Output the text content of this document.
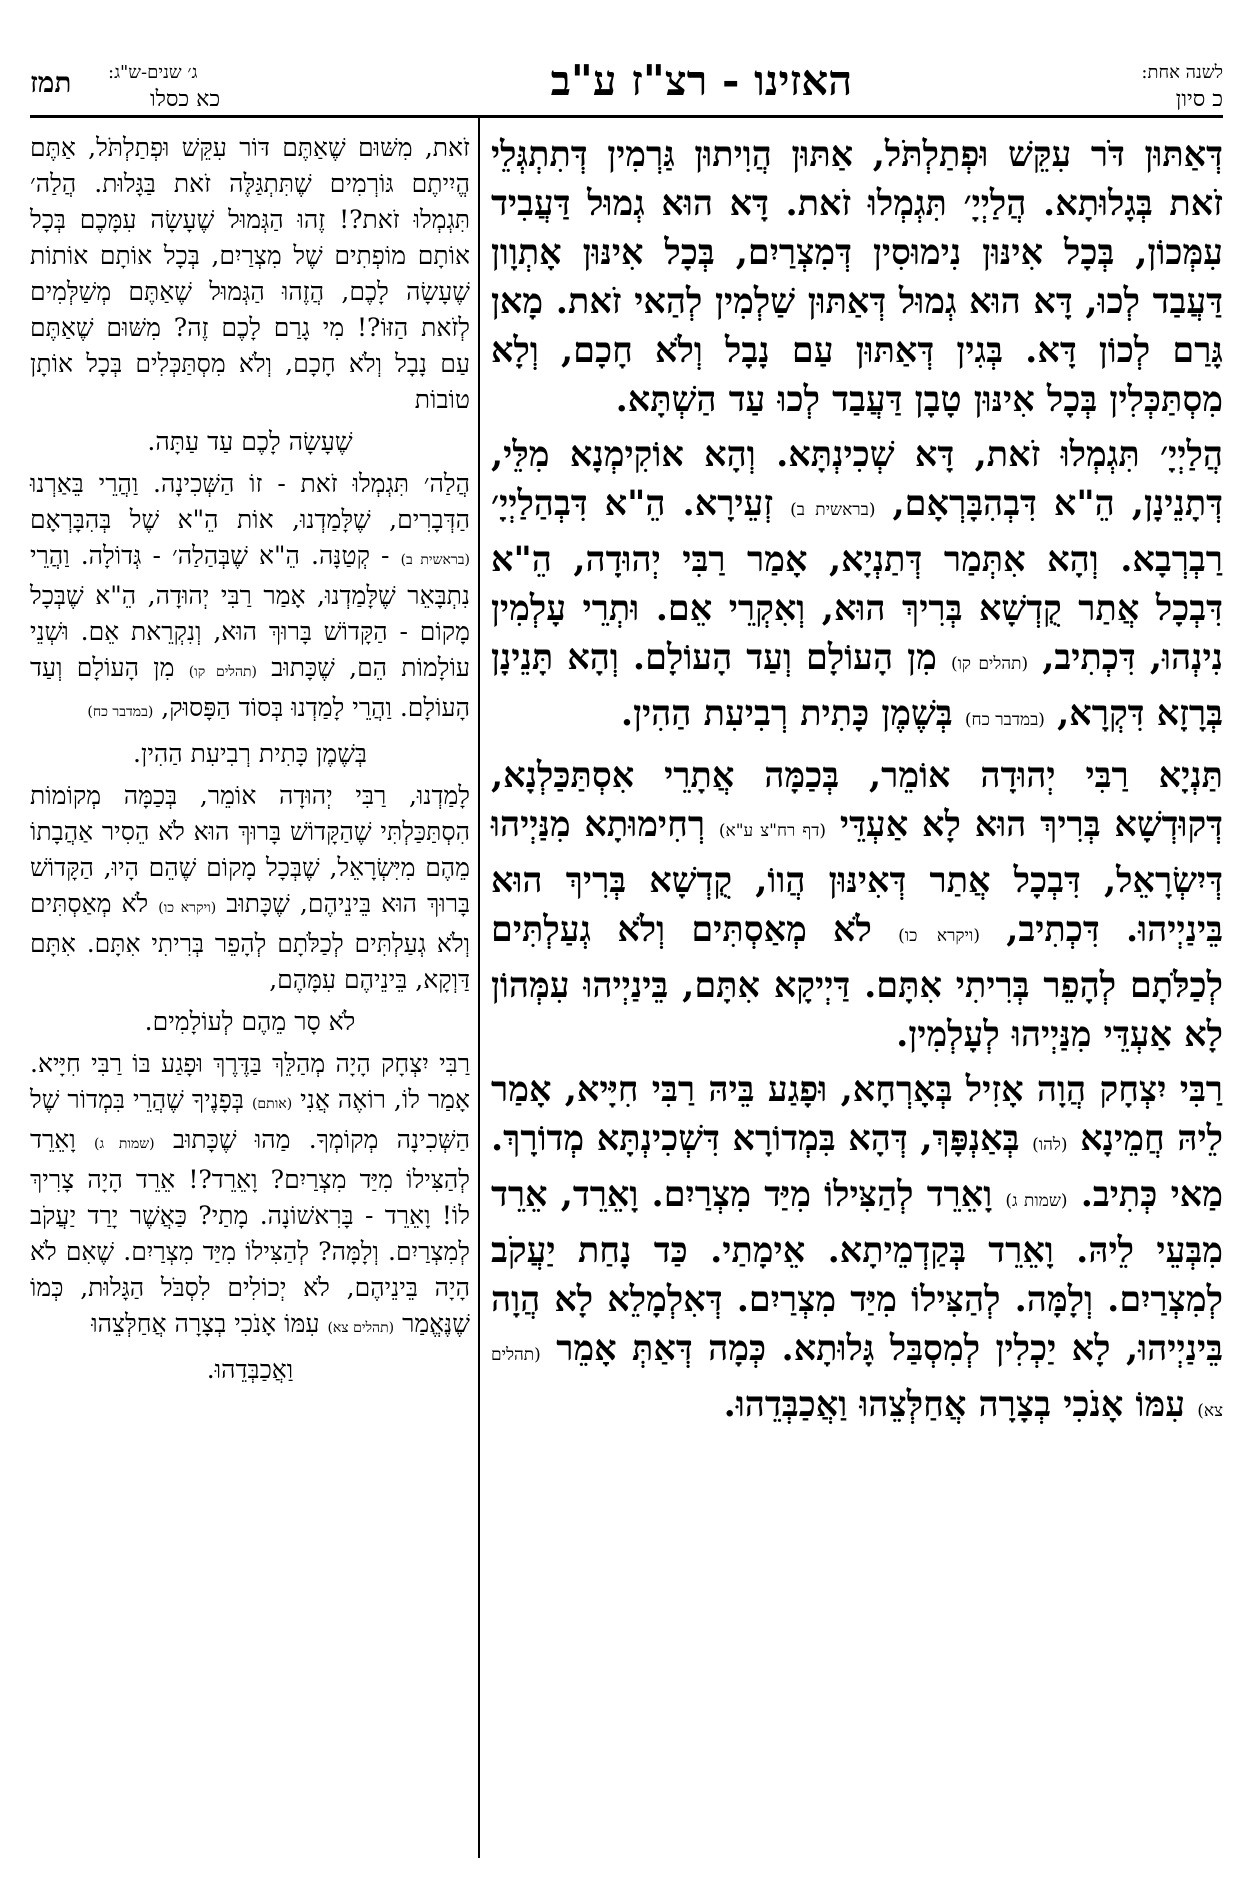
לשנה אחת:
כ סיון
האזינו - רצ"ז ע"ב
ג׳ שנים-ש"ג:
כא כסלו
תמז

דְּאַתּוּן דֹּר עִקֵּשׁ וּפְתַלְתֹּל, אַתּוּן הֲוִיתוּן גַּרְמִין דְּתִתְגְּלֵי זֹאת בְּגָלוּתָא. הֲלַיְיָ׳ תִּגְמְלוּ זֹאת. דָּא הוּא גְמוּל דַּעֲבִיד עִמְּכוֹן, בְּכָל אִינּוּן נִימוּסִין דְּמִצְרַיִם, בְּכָל אִינּוּן אָתְוָון דַּעֲבַד לְכוּ, דָּא הוּא גְמוּל דְּאַתּוּן שַׁלְמִין לְהַאי זֹאת. מָאן גָּרַם לְכוֹן דָּא. בְּגִין דְּאַתּוּן עַם נָבָל וְלֹא חָכָם, וְלָא מִסְתַּכְּלִין בְּכָל אִינּוּן טָבָן דַּעֲבַד לְכוּ עַד הַשְׁתָּא.

הֲלַיְיָ׳ תִּגְמְלוּ זֹאת, דָּא שְׁכִינְתָּא. וְהָא אוֹקִימְנָא מִלֵּי, דְּתָנֵינָן, הֵ"א דִּבְהִבָּרְאָם, (בראשית ב) זְעֵירָא. הֵ"א דִּבְהַלַיְיָ׳ רַבְרְבָא. וְהָא אִתְּמַר דְּתַנְיָא, אָמַר רַבִּי יְהוּדָה, הֵ"א דִּבְכָל אֲתַר קֻדְשָׁא בְּרִיךְ הוּא, וְאִקְרֵי אֵם. וּתְרֵי עָלְמִין נִינְהוּ, דִּכְתִיב, (תהלים קו) מִן הָעוֹלָם וְעַד הָעוֹלָם. וְהָא תָּנֵינָן בְּרָזָא דִּקְרָא, (במדבר כח) בְּשֶׁמֶן כָּתִית רְבִיעִת הַהִין.

תַּנְיָא רַבִּי יְהוּדָה אוֹמֵר, בְּכַמָּה אֲתָרֵי אִסְתַּכַּלְנָא, דְּקוּדְשָׁא בְּרִיךְ הוּא לָא אַעְדֵּי (דף רח"צ ע"א) רְחִימוּתָא מִנַּיְיהוּ דְּיִשְׂרָאֵל, דִּבְכָל אֲתַר דְּאִינּוּן הֲווֹ, קֻדְשָׁא בְּרִיךְ הוּא בֵּינַיְיהוּ. דִּכְתִיב, (ויקרא כו) לֹא מְאַסְתִּים וְלֹא גְעַלְתִּים לְכַלֹּתָם לְהָפֵר בְּרִיתִי אִתָּם. דַּיְיקָא אִתָּם, בֵּינַיְיהוּ עִמְּהוֹן לָא אַעְדֵּי מִנַּיְיהוּ לְעָלְמִין.

רַבִּי יִצְחָק הֲוָה אָזִיל בְּאָרְחָא, וּפָגַע בֵּיהּ רַבִּי חִיָּיא, אָמַר לֵיהּ חֲמֵינָא (להו) בְּאַנְפָּךְ, דְּהָא בִּמְדוֹרָא דִּשְׁכִינְתָּא מְדוֹרָךְ. מַאי כְּתִיב. (שמות ג) וָאֵרֵד לְהַצִּילוֹ מִיַּד מִצְרַיִם. וָאֵרֵד, אֵרֵד מִבְּעֵי לֵיהּ. וָאֵרֵד בְּקַדְמֵיתָא. אֵימָתַי. כַּד נָחַת יַעֲקֹב לְמִצְרַיִם. וְלָמָּה. לְהַצִּילוֹ מִיַּד מִצְרַיִם. דְּאִלְמָלֵא לָא הֲוָה בֵּינַיְיהוּ, לָא יַכְלִין לְמִסְבַּל גָּלוּתָא. כְּמָה דְּאַתְּ אָמֵר (תהלים צא) עִמּוֹ אָנֹכִי בְצָרָה אֲחַלְּצֵהוּ וַאֲכַבְּדֵהוּ.

זֹאת, מִשּׁוּם שֶׁאַתֶּם דּוֹר עִקֵּשׁ וּפְתַלְתֹּל, אַתֶּם הֱיִיתֶם גּוֹרְמִים שֶׁתִּתְגַּלֶּה זֹאת בַּגָּלוּת. הֲלַה׳ תִּגְמְלוּ זֹאת?! זֶהוּ הַגְּמוּל שֶׁעָשָׂה עִמָּכֶם בְּכָל אוֹתָם מוֹפְתִים שֶׁל מִצְרַיִם, בְּכָל אוֹתָם אוֹתוֹת שֶׁעָשָׂה לָכֶם, הֲזֶהוּ הַגְּמוּל שֶׁאַתֶּם מְשַׁלְּמִים לְזֹאת הַזּוֹ?! מִי גָרַם לָכֶם זֶה? מִשּׁוּם שֶׁאַתֶּם עַם נָבָל וְלֹא חָכָם, וְלֹא מִסְתַּכְּלִים בְּכָל אוֹתָן טוֹבוֹת

שֶׁעָשָׂה לָכֶם עַד עַתָּה.

הֲלַה׳ תִּגְמְלוּ זֹאת - זוֹ הַשְּׁכִינָה. וַהֲרֵי בֵּאַרְנוּ הַדְּבָרִים, שֶׁלָּמַדְנוּ, אוֹת הֵ"א שֶׁל בְּהִבָּרְאָם (בראשית ב) - קְטַנָּה. הֵ"א שֶׁבְּהַלַה׳ - גְּדוֹלָה. וַהֲרֵי נִתְבָּאֵר שֶׁלָּמַדְנוּ, אָמַר רַבִּי יְהוּדָה, הֵ"א שֶׁבְּכָל מָקוֹם - הַקָּדוֹשׁ בָּרוּךְ הוּא, וְנִקְרֵאת אֵם. וּשְׁנֵי עוֹלָמוֹת הֵם, שֶׁכָּתוּב (תהלים קו) מִן הָעוֹלָם וְעַד הָעוֹלָם. וַהֲרֵי לָמַדְנוּ בְּסוֹד הַפָּסוּק, (במדבר כח)

בְּשֶׁמֶן כָּתִית רְבִיעִת הַהִין.

לָמַדְנוּ, רַבִּי יְהוּדָה אוֹמֵר, בְּכַמָּה מְקוֹמוֹת הִסְתַּכַּלְתִּי שֶׁהַקָּדוֹשׁ בָּרוּךְ הוּא לֹא הֵסִיר אַהֲבָתוֹ מֵהֶם מִיִּשְׂרָאֵל, שֶׁבְּכָל מָקוֹם שֶׁהֵם הָיוּ, הַקָּדוֹשׁ בָּרוּךְ הוּא בֵּינֵיהֶם, שֶׁכָּתוּב (ויקרא כו) לֹא מְאַסְתִּים וְלֹא גְעַלְתִּים לְכַלֹּתָם לְהָפֵר בְּרִיתִי אִתָּם. אִתָּם דַּוְקָא, בֵּינֵיהֶם עִמָּהֶם,

לֹא סָר מֵהֶם לְעוֹלָמִים.

רַבִּי יִצְחָק הָיָה מְהַלֵּךְ בַּדֶּרֶךְ וּפָגַע בּוֹ רַבִּי חִיָּיא. אָמַר לוֹ, רוֹאֶה אֲנִי (אותם) בְּפָנֶיךָ שֶׁהֲרֵי בִּמְדוֹר שֶׁל הַשְּׁכִינָה מְקוֹמְךָ. מַהוּ שֶׁכָּתוּב (שמות ג) וָאֵרֵד לְהַצִּילוֹ מִיַּד מִצְרַיִם? וָאֵרֵד?! אֵרֵד הָיָה צָרִיךְ לוֹ! וָאֵרֵד - בָּרִאשׁוֹנָה. מָתַי? כַּאֲשֶׁר יָרַד יַעֲקֹב לְמִצְרַיִם. וְלָמָּה? לְהַצִּילוֹ מִיַּד מִצְרַיִם. שֶׁאִם לֹא הָיָה בֵּינֵיהֶם, לֹא יְכוֹלִים לִסְבֹּל הַגָּלוּת, כְּמוֹ שֶׁנֶּאֱמַר (תהלים צא) עִמּוֹ אָנֹכִי בְצָרָה אֲחַלְּצֵהוּ

וַאֲכַבְּדֵהוּ.
